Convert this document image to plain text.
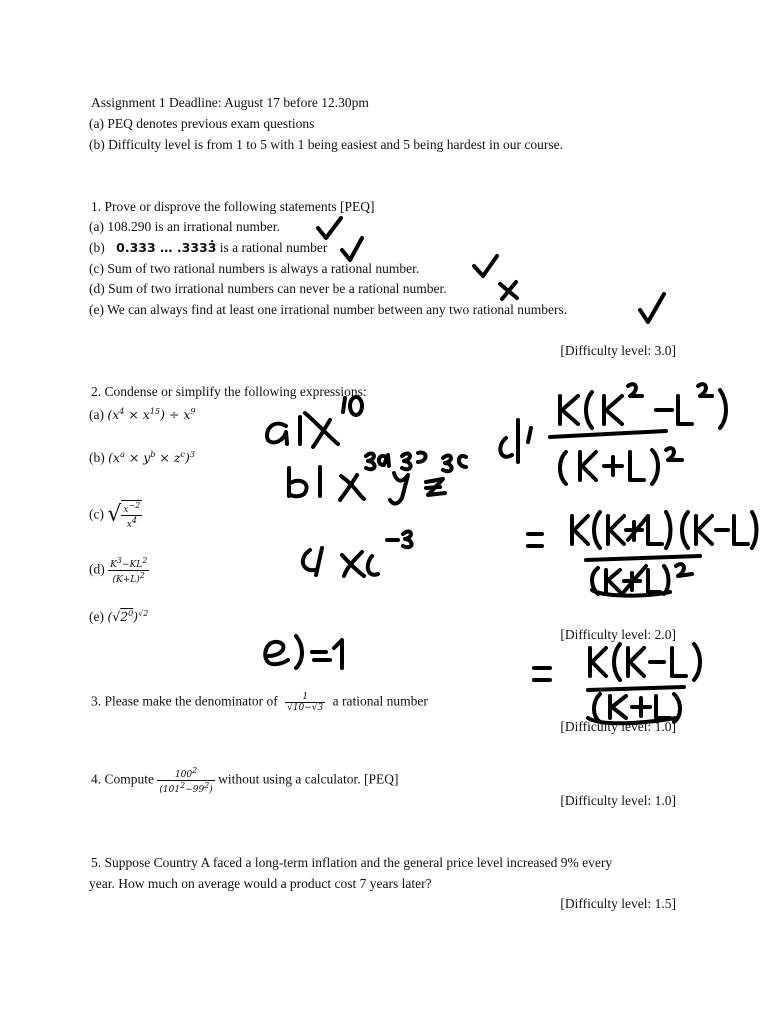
Assignment 1 Deadline: August 17 before 12.30pm
(a) PEQ denotes previous exam questions
(b) Difficulty level is from 1 to 5 with 1 being easiest and 5 being hardest in our course.
1. Prove or disprove the following statements [PEQ]
(a) 108.290 is an irrational number.
(b) 0.333 … .3333̇ is a rational number
(c) Sum of two rational numbers is always a rational number.
(d) Sum of two irrational numbers can never be a rational number.
(e) We can always find at least one irrational number between any two rational numbers.
[Difficulty level: 3.0]
2. Condense or simplify the following expressions:
(a) $(x^4 \times x^{15}) \div x^9$
(b) $(x^a \times y^b \times z^c)^3$
(c) √ $\frac{x^{-2}}{x^4}$
$(d) \frac{K^3-KL^2}{(K+L)^2}$
(e) $(√2^0)^{√2}$
[Difficulty level: 2.0]
3. Please make the denominator of $\frac{1}{√10-√3}$ a rational number
[Difficulty level: 1.0]
4. Compute $\frac{100^2}{(101^2-99^2)}$ without using a calculator. [PEQ]
[Difficulty level: 1.0]
5. Suppose Country A faced a long-term inflation and the general price level increased 9% every
year. How much on average would a product cost 7 years later?
[Difficulty level: 1.5]
